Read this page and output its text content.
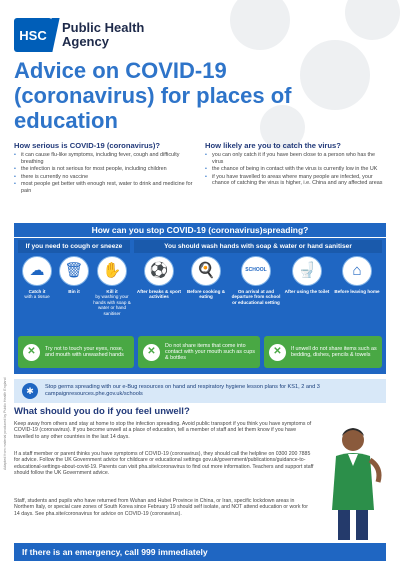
HSC Public Health
Agency
Advice on COVID-19 (coronavirus) for places of education
How serious is COVID-19 (coronavirus)?
• it can cause flu-like symptoms, including fever, cough and difficulty breathing
• the infection is not serious for most people, including children
• there is currently no vaccine
• most people get better with enough rest, water to drink and medicine for pain
How likely are you to catch the virus?
• you can only catch it if you have been close to a person who has the virus
• the chance of being in contact with the virus is currently low in the UK
• if you have travelled to areas where many people are infected, your chance of catching the virus is higher, i.e. China and any affected areas
How can you stop COVID-19 (coronavirus)spreading?
If you need to cough or sneeze	You should wash hands with soap & water or hand sanitiser
☁
Catch it
with a tissue
🗑
Bin it
✋
Kill it
by washing your hands with soap & water or hand sanitiser
⚽
After breaks & sport activities
🍳
Before cooking & eating
SCHOOL
On arrival at and departure from school or educational setting
🚽
After using the toilet
⌂
Before leaving home
✕	Try not to touch your eyes, nose, and mouth with unwashed hands	✕
Do not share items that come into contact with your mouth such as cups & bottles
✕	If unwell do not share items such as bedding, dishes, pencils & towels
✱	Stop germs spreading with our e-Bug resources on hand and respiratory hygiene lesson plans for KS1, 2 and 3 campaignresources.phe.gov.uk/schools
What should you do if you feel unwell?
Keep away from others and stay at home to stop the infection spreading. Avoid public transport if you think you have symptoms of COVID-19 (coronavirus). If you become unwell at a place of education, tell a member of staff and let them know if you have travelled to any other countries in the last 14 days.
If a staff member or parent thinks you have symptoms of COVID-19 (coronavirus), they should call the helpline on 0300 200 7885 for advice. Follow the UK Government advice for childcare or educational settings gov.uk/government/publications/guidance-to-educational-settings-about-covid-19. Parents can visit pha.site/coronavirus to find out more information. Teachers and support staff should follow the UK Government advice.
Staff, students and pupils who have returned from Wuhan and Hubei Province in China, or Iran, specific lockdown areas in Northern Italy, or special care zones of South Korea since February 19 should self isolate, and NOT attend education or work for 14 days. See pha.site/coronavirus for advice on COVID-19 (coronavirus).
If there is an emergency, call 999 immediately
Adapted from material produced by Public Health England
